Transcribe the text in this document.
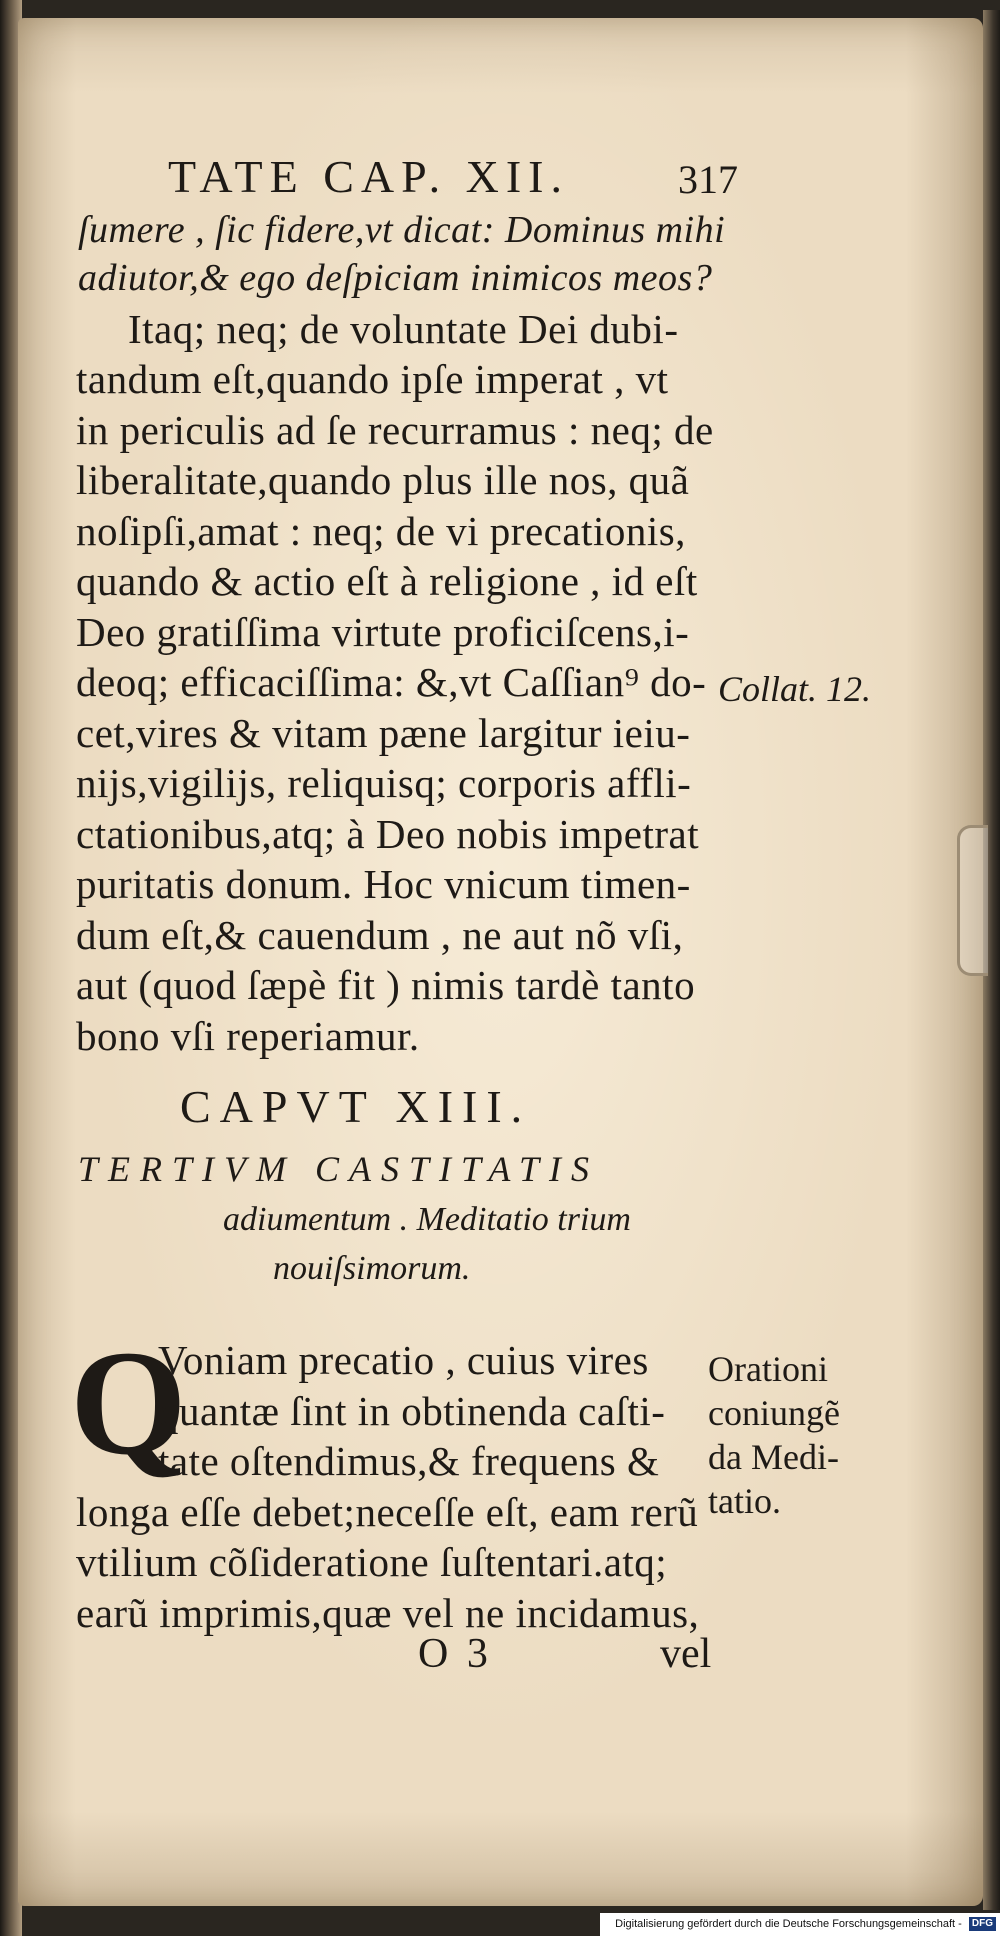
TATE CAP. XII.	317
ſumere , ſic fidere,vt dicat: Dominus mihi
adiutor,& ego deſpiciam inimicos meos?
Itaq; neq; de voluntate Dei dubi-
tandum eſt,quando ipſe imperat , vt
in periculis ad ſe recurramus : neq; de
liberalitate,quando plus ille nos, quã
noſipſi,amat : neq; de vi precationis,
quando & actio eſt à religione , id eſt
Deo gratiſſima virtute proficiſcens,i-
deoq; efficaciſſima: &,vt Caſſian⁹ do-
cet,vires & vitam pæne largitur ieiu-
nijs,vigilijs, reliquisq; corporis affli-
ctationibus,atq; à Deo nobis impetrat
puritatis donum. Hoc vnicum timen-
dum eſt,& cauendum , ne aut nõ vſi,
aut (quod ſæpè fit ) nimis tardè tanto
bono vſi reperiamur.
Collat. 12.
CAPVT XIII.
TERTIVM CASTITATIS
adiumentum . Meditatio trium
nouiſsimorum.
Q
Voniam precatio , cuius vires
quantæ ſint in obtinenda caſti-
tate oſtendimus,& frequens &
longa eſſe debet;neceſſe eſt, eam rerũ
vtilium cõſideratione ſuſtentari.atq;
earũ imprimis,quæ vel ne incidamus,
Orationi
coniungẽ
da Medi-
tatio.
O 3	vel
Digitalisierung gefördert durch die Deutsche Forschungsgemeinschaft - DFG
